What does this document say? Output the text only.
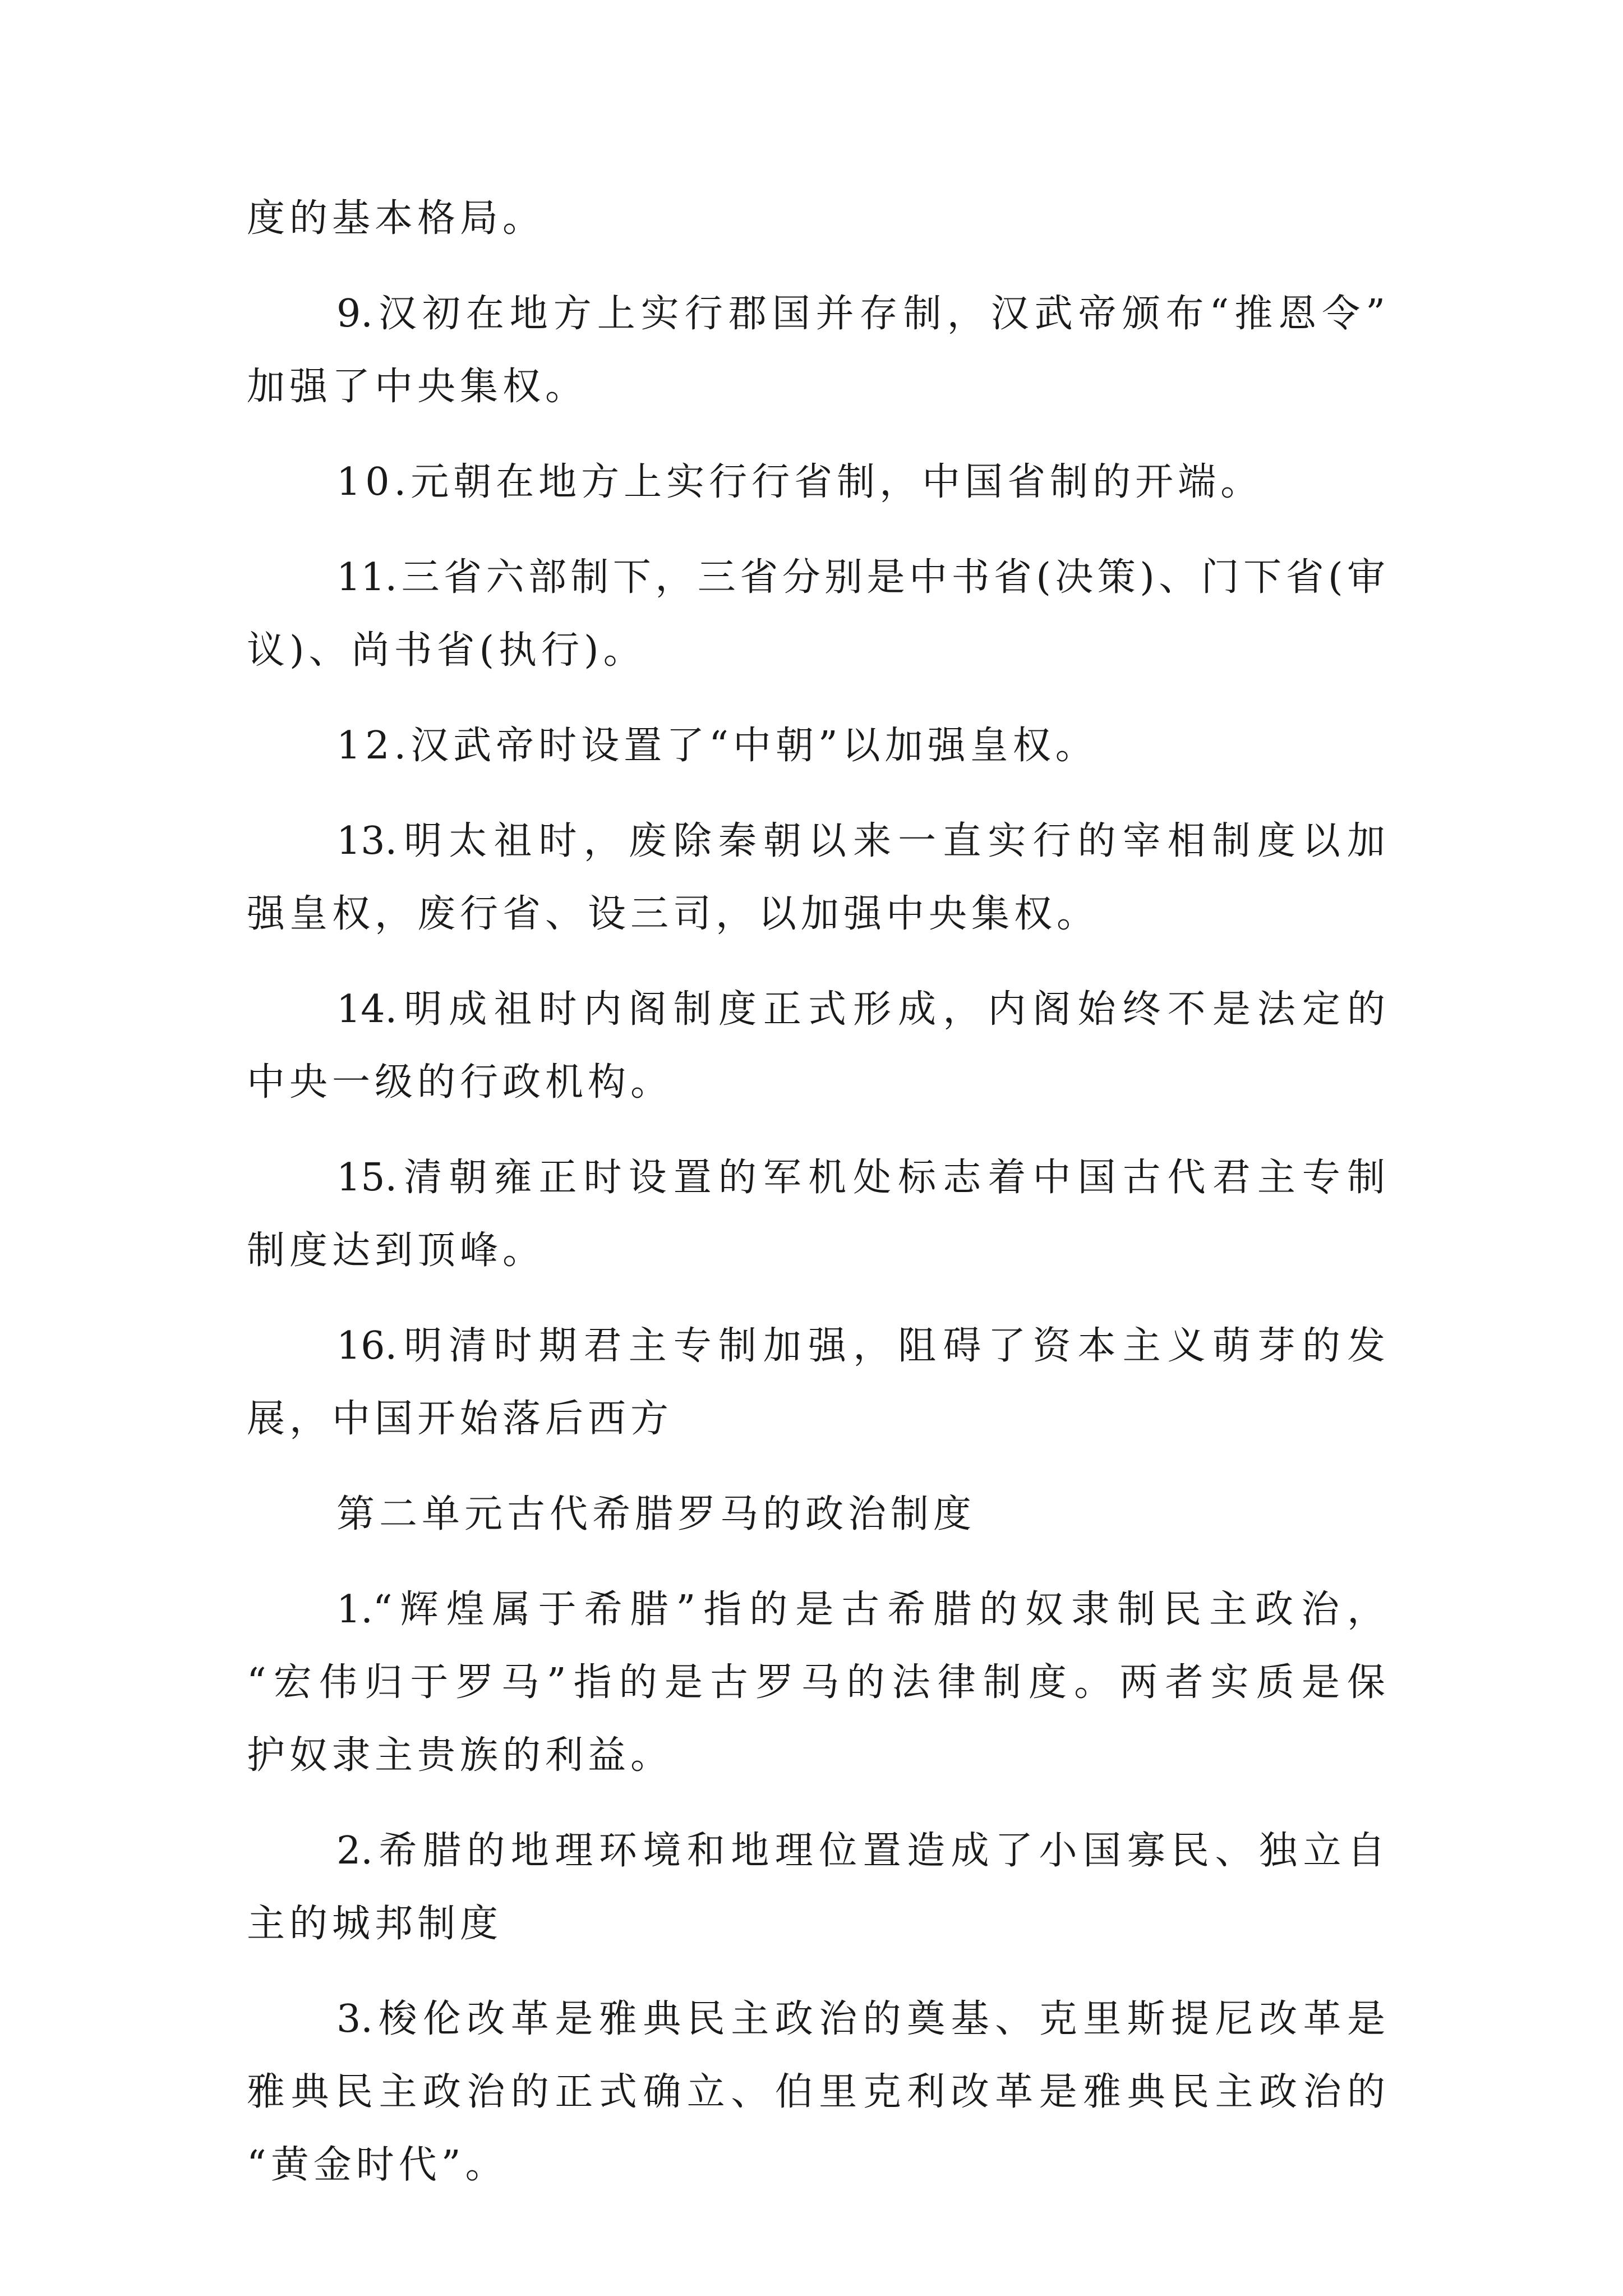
度的基本格局。
9.汉初在地方上实行郡国并存制，汉武帝颁布“推恩令”
加强了中央集权。
10.元朝在地方上实行行省制，中国省制的开端。
11.三省六部制下，三省分别是中书省(决策)、门下省(审
议)、尚书省(执行)。
12.汉武帝时设置了“中朝”以加强皇权。
13.明太祖时，废除秦朝以来一直实行的宰相制度以加
强皇权，废行省、设三司，以加强中央集权。
14.明成祖时内阁制度正式形成，内阁始终不是法定的
中央一级的行政机构。
15.清朝雍正时设置的军机处标志着中国古代君主专制
制度达到顶峰。
16.明清时期君主专制加强，阻碍了资本主义萌芽的发
展，中国开始落后西方
第二单元古代希腊罗马的政治制度
1.“辉煌属于希腊”指的是古希腊的奴隶制民主政治，
“宏伟归于罗马”指的是古罗马的法律制度。两者实质是保
护奴隶主贵族的利益。
2.希腊的地理环境和地理位置造成了小国寡民、独立自
主的城邦制度
3.梭伦改革是雅典民主政治的奠基、克里斯提尼改革是
雅典民主政治的正式确立、伯里克利改革是雅典民主政治的
“黄金时代”。
